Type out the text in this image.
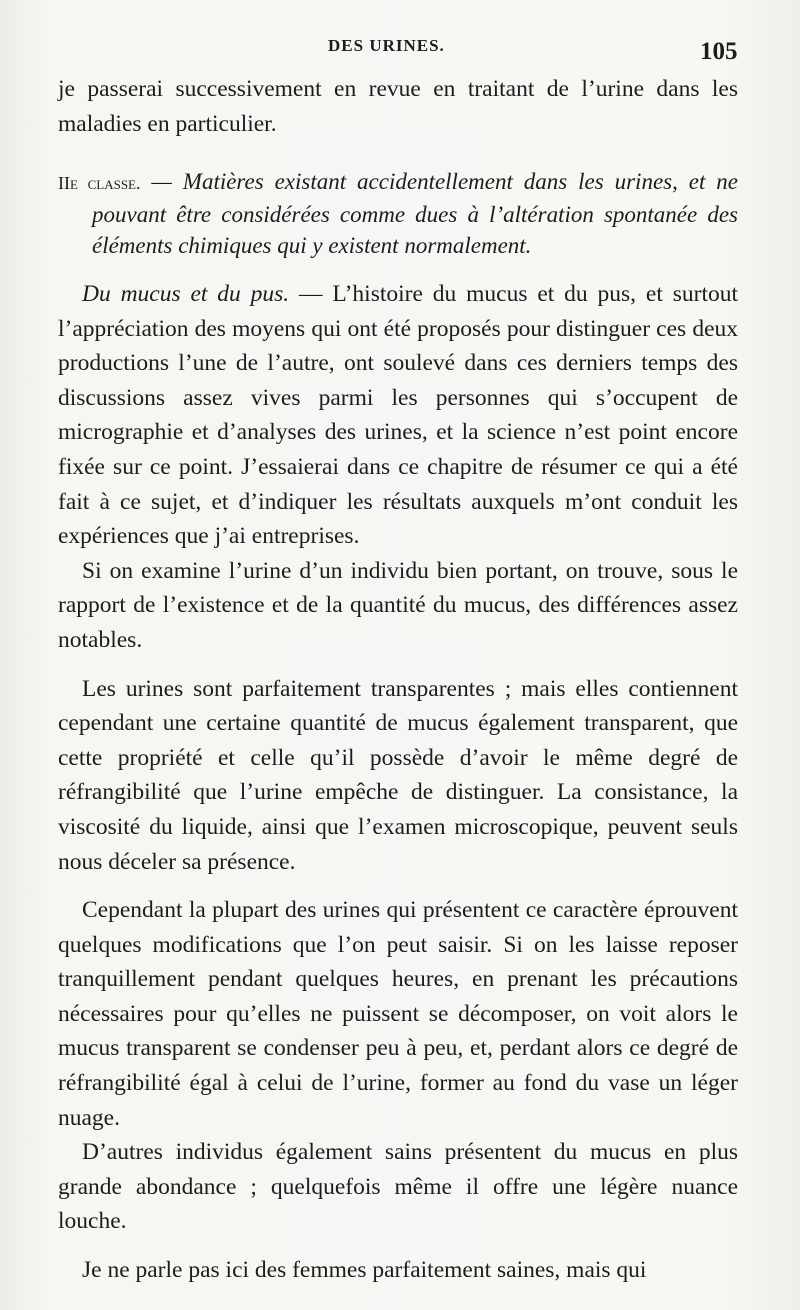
DES URINES.	105

je passerai successivement en revue en traitant de l’urine dans les maladies en particulier.

IIe classe. — Matières existant accidentellement dans les urines, et ne pouvant être considérées comme dues à l’altération spontanée des éléments chimiques qui y existent normalement.

Du mucus et du pus. — L’histoire du mucus et du pus, et surtout l’appréciation des moyens qui ont été proposés pour distinguer ces deux productions l’une de l’autre, ont soulevé dans ces derniers temps des discussions assez vives parmi les personnes qui s’occupent de micrographie et d’analyses des urines, et la science n’est point encore fixée sur ce point. J’essaierai dans ce chapitre de résumer ce qui a été fait à ce sujet, et d’indiquer les résultats auxquels m’ont conduit les expériences que j’ai entreprises.

Si on examine l’urine d’un individu bien portant, on trouve, sous le rapport de l’existence et de la quantité du mucus, des différences assez notables.

Les urines sont parfaitement transparentes ; mais elles contiennent cependant une certaine quantité de mucus également transparent, que cette propriété et celle qu’il possède d’avoir le même degré de réfrangibilité que l’urine empêche de distinguer. La consistance, la viscosité du liquide, ainsi que l’examen microscopique, peuvent seuls nous déceler sa présence.

Cependant la plupart des urines qui présentent ce caractère éprouvent quelques modifications que l’on peut saisir. Si on les laisse reposer tranquillement pendant quelques heures, en prenant les précautions nécessaires pour qu’elles ne puissent se décomposer, on voit alors le mucus transparent se condenser peu à peu, et, perdant alors ce degré de réfrangibilité égal à celui de l’urine, former au fond du vase un léger nuage.

D’autres individus également sains présentent du mucus en plus grande abondance ; quelquefois même il offre une légère nuance louche.

Je ne parle pas ici des femmes parfaitement saines, mais qui
